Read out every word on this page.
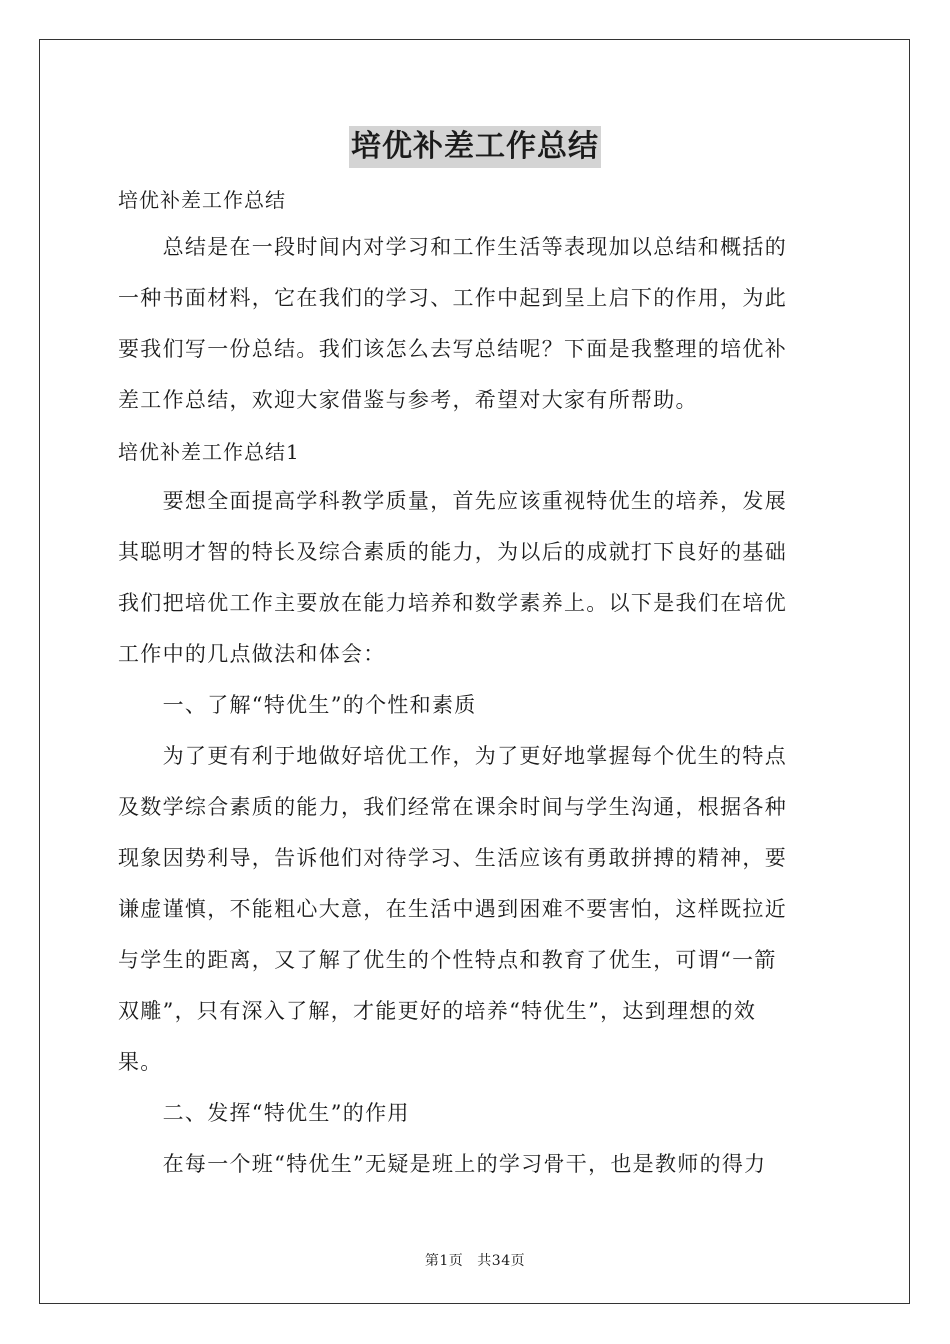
培优补差工作总结
培优补差工作总结
　　总结是在一段时间内对学习和工作生活等表现加以总结和概括的
一种书面材料，它在我们的学习、工作中起到呈上启下的作用，为此
要我们写一份总结。我们该怎么去写总结呢？下面是我整理的培优补
差工作总结，欢迎大家借鉴与参考，希望对大家有所帮助。
培优补差工作总结1
　　要想全面提高学科教学质量，首先应该重视特优生的培养，发展
其聪明才智的特长及综合素质的能力，为以后的成就打下良好的基础
我们把培优工作主要放在能力培养和数学素养上。以下是我们在培优
工作中的几点做法和体会：
　　一、了解“特优生”的个性和素质
　　为了更有利于地做好培优工作，为了更好地掌握每个优生的特点
及数学综合素质的能力，我们经常在课余时间与学生沟通，根据各种
现象因势利导，告诉他们对待学习、生活应该有勇敢拼搏的精神，要
谦虚谨慎，不能粗心大意，在生活中遇到困难不要害怕，这样既拉近
与学生的距离，又了解了优生的个性特点和教育了优生，可谓“一箭
双雕”，只有深入了解，才能更好的培养“特优生”，达到理想的效
果。
　　二、发挥“特优生”的作用
　　在每一个班“特优生”无疑是班上的学习骨干，也是教师的得力
第1页 共34页
